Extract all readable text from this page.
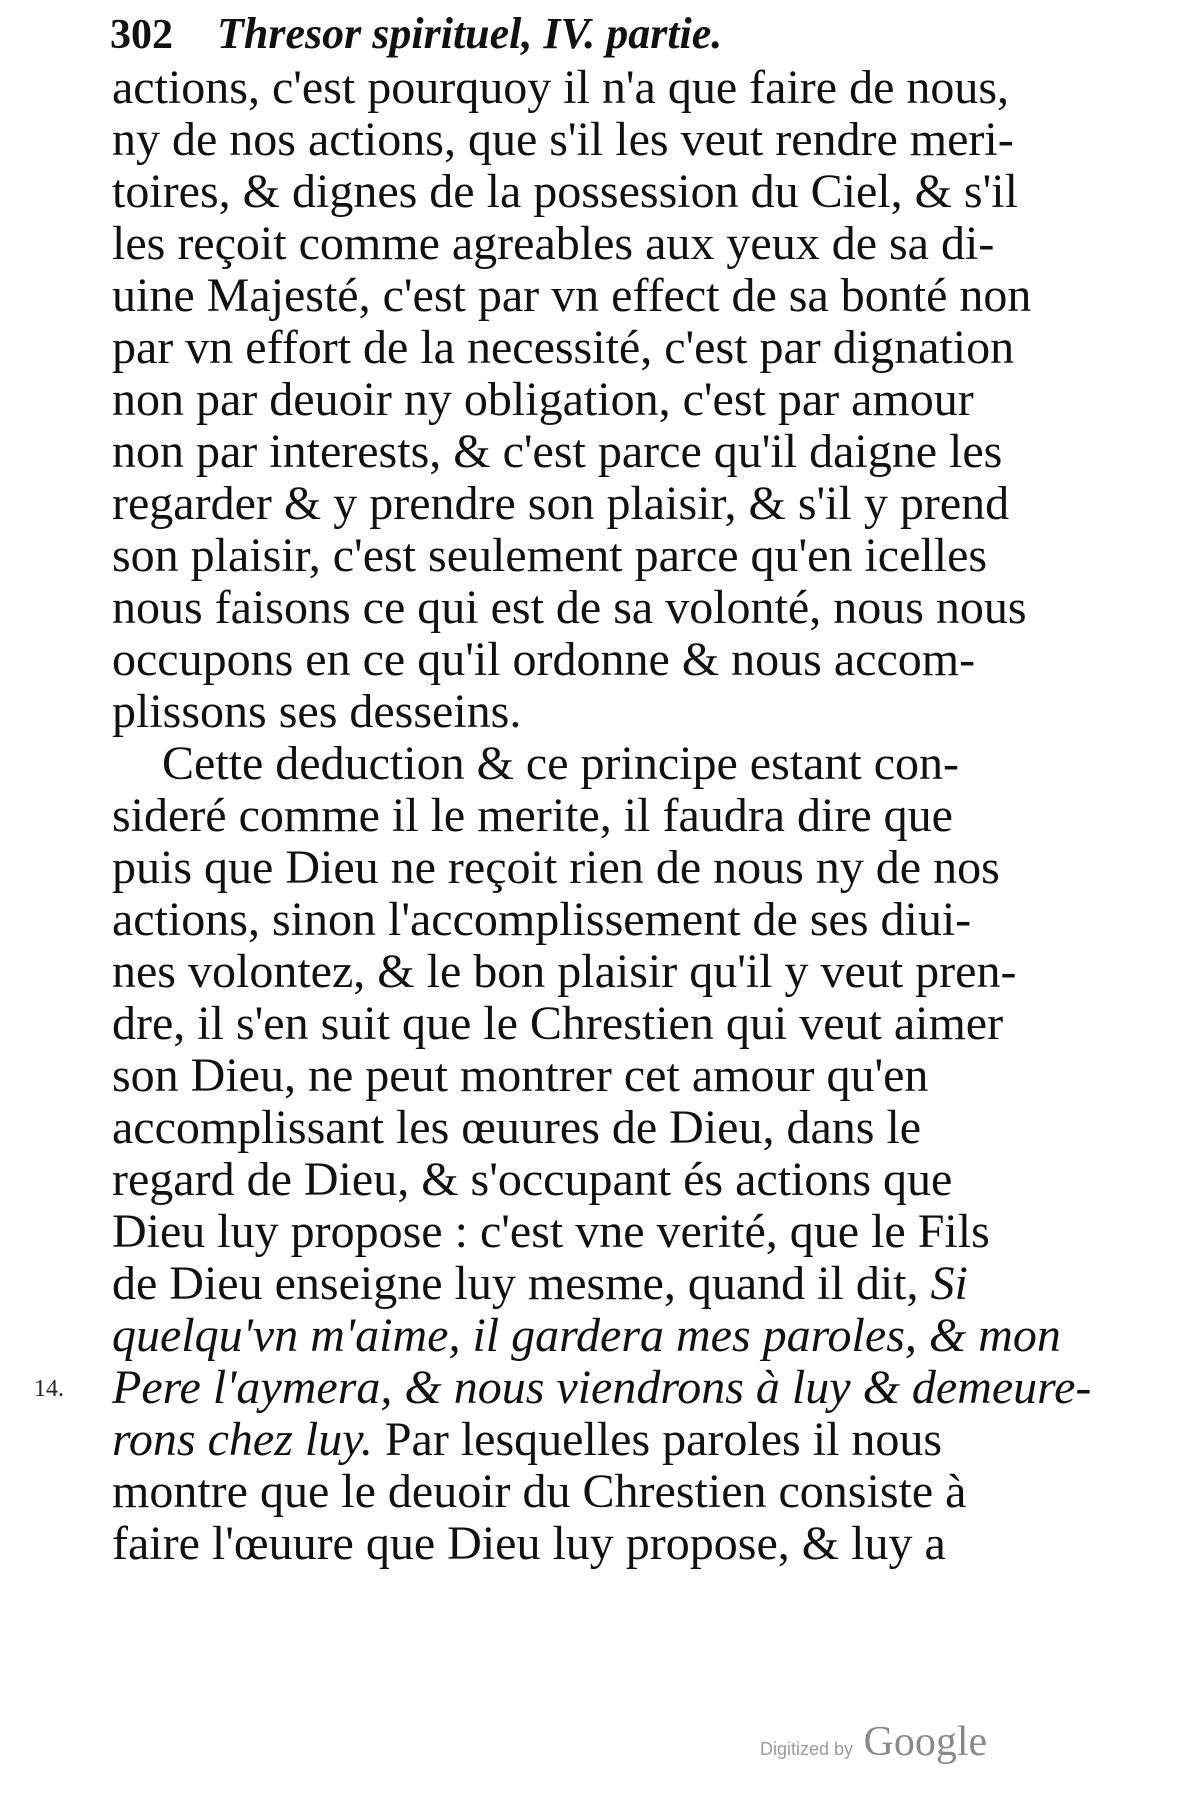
302 Thresor spirituel, IV. partie.
actions, c'est pourquoy il n'a que faire de nous,
ny de nos actions, que s'il les veut rendre meri-
toires, & dignes de la possession du Ciel, & s'il
les reçoit comme agreables aux yeux de sa di-
uine Majesté, c'est par vn effect de sa bonté non
par vn effort de la necessité, c'est par dignation
non par deuoir ny obligation, c'est par amour
non par interests, & c'est parce qu'il daigne les
regarder & y prendre son plaisir, & s'il y prend
son plaisir, c'est seulement parce qu'en icelles
nous faisons ce qui est de sa volonté, nous nous
occupons en ce qu'il ordonne & nous accom-
plissons ses desseins.
Cette deduction & ce principe estant con-
sideré comme il le merite, il faudra dire que
puis que Dieu ne reçoit rien de nous ny de nos
actions, sinon l'accomplissement de ses diui-
nes volontez, & le bon plaisir qu'il y veut pren-
dre, il s'en suit que le Chrestien qui veut aimer
son Dieu, ne peut montrer cet amour qu'en
accomplissant les œuures de Dieu, dans le
regard de Dieu, & s'occupant és actions que
Dieu luy propose : c'est vne verité, que le Fils
de Dieu enseigne luy mesme, quand il dit, Si
quelqu'vn m'aime, il gardera mes paroles, & mon
14. Pere l'aymera, & nous viendrons à luy & demeure-
rons chez luy. Par lesquelles paroles il nous
montre que le deuoir du Chrestien consiste à
faire l'œuure que Dieu luy propose, & luy a
Digitized by Google
